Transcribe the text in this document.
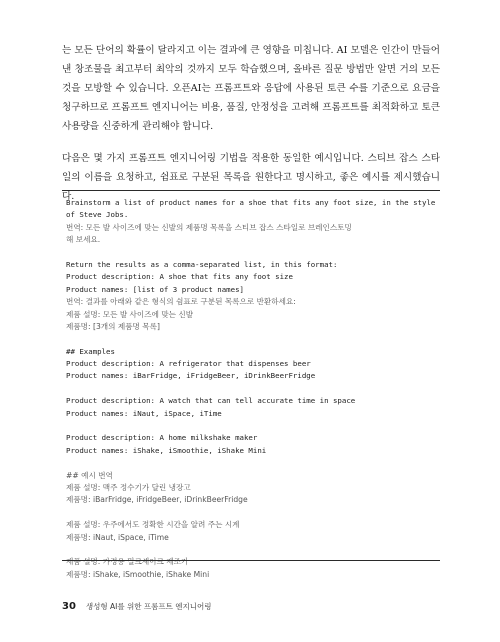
는 모든 단어의 확률이 달라지고 이는 결과에 큰 영향을 미칩니다. AI 모델은 인간이 만들어 낸 창조물을 최고부터 최악의 것까지 모두 학습했으며, 올바른 질문 방법만 알면 거의 모든 것을 모방할 수 있습니다. 오픈AI는 프롬프트와 응답에 사용된 토큰 수를 기준으로 요금을 청구하므로 프롬프트 엔지니어는 비용, 품질, 안정성을 고려해 프롬프트를 최적화하고 토큰 사용량을 신중하게 관리해야 합니다.

다음은 몇 가지 프롬프트 엔지니어링 기법을 적용한 동일한 예시입니다. 스티브 잡스 스타일의 이름을 요청하고, 쉼표로 구분된 목록을 원한다고 명시하고, 좋은 예시를 제시했습니다.

Brainstorm a list of product names for a shoe that fits any foot size, in the style
of Steve Jobs.
번역: 모든 발 사이즈에 맞는 신발의 제품명 목록을 스티브 잡스 스타일로 브레인스토밍
해 보세요.
Return the results as a comma-separated list, in this format:
Product description: A shoe that fits any foot size
Product names: [list of 3 product names]
번역: 결과를 아래와 같은 형식의 쉼표로 구분된 목록으로 반환하세요:
제품 설명: 모든 발 사이즈에 맞는 신발
제품명: [3개의 제품명 목록]
## Examples
Product description: A refrigerator that dispenses beer
Product names: iBarFridge, iFridgeBeer, iDrinkBeerFridge
Product description: A watch that can tell accurate time in space
Product names: iNaut, iSpace, iTime
Product description: A home milkshake maker
Product names: iShake, iSmoothie, iShake Mini
## 예시 번역
제품 설명: 맥주 정수기가 달린 냉장고
제품명: iBarFridge, iFridgeBeer, iDrinkBeerFridge
제품 설명: 우주에서도 정확한 시간을 알려 주는 시계
제품명: iNaut, iSpace, iTime
제품 설명: 가정용 밀크셰이크 제조기
제품명: iShake, iSmoothie, iShake Mini
30 생성형 AI를 위한 프롬프트 엔지니어링
